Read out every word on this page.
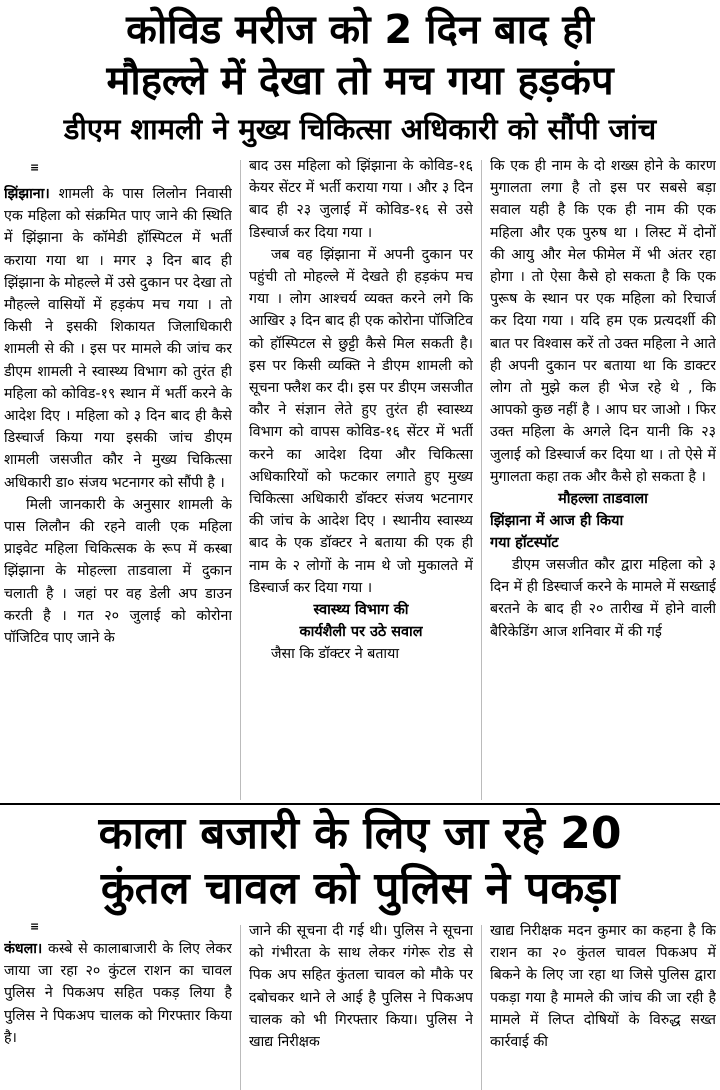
कोविड मरीज को 2 दिन बाद ही
मौहल्ले में देखा तो मच गया हड़कंप
डीएम शामली ने मुख्य चिकित्सा अधिकारी को सौंपी जांच
≡

झिंझाना। शामली के पास लिलोन निवासी एक महिला को संक्रमित पाए जाने की स्थिति में झिंझाना के कॉमेडी हॉस्पिटल में भर्ती कराया गया था । मगर ३ दिन बाद ही झिंझाना के मोहल्ले में उसे दुकान पर देखा तो मौहल्ले वासियों में हड़कंप मच गया । तो किसी ने इसकी शिकायत जिलाधिकारी शामली से की । इस पर मामले की जांच कर डीएम शामली ने स्वास्थ्य विभाग को तुरंत ही महिला को कोविड-१९ स्थान में भर्ती करने के आदेश दिए । महिला को ३ दिन बाद ही कैसे डिस्चार्ज किया गया इसकी जांच डीएम शामली जसजीत कौर ने मुख्य चिकित्सा अधिकारी डा० संजय भटनागर को सौंपी है ।

मिली जानकारी के अनुसार शामली के पास लिलौन की रहने वाली एक महिला प्राइवेट महिला चिकित्सक के रूप में कस्बा झिंझाना के मोहल्ला ताडवाला में दुकान चलाती है । जहां पर वह डेली अप डाउन करती है । गत २० जुलाई को कोरोना पॉजिटिव पाए जाने के

बाद उस महिला को झिंझाना के कोविड-१६ केयर सेंटर में भर्ती कराया गया । और ३ दिन बाद ही २३ जुलाई में कोविड-१६ से उसे डिस्चार्ज कर दिया गया ।

जब वह झिंझाना में अपनी दुकान पर पहुंची तो मोहल्ले में देखते ही हड़कंप मच गया । लोग आश्चर्य व्यक्त करने लगे कि आखिर ३ दिन बाद ही एक कोरोना पॉजिटिव को हॉस्पिटल से छुट्टी कैसे मिल सकती है। इस पर किसी व्यक्ति ने डीएम शामली को सूचना फ्लैश कर दी। इस पर डीएम जसजीत कौर ने संज्ञान लेते हुए तुरंत ही स्वास्थ्य विभाग को वापस कोविड-१६ सेंटर में भर्ती करने का आदेश दिया और चिकित्सा अधिकारियों को फटकार लगाते हुए मुख्य चिकित्सा अधिकारी डॉक्टर संजय भटनागर की जांच के आदेश दिए । स्थानीय स्वास्थ्य बाद के एक डॉक्टर ने बताया की एक ही नाम के २ लोगों के नाम थे जो मुकालते में डिस्चार्ज कर दिया गया ।

स्वास्थ्य विभाग की

कार्यशैली पर उठे सवाल

जैसा कि डॉक्टर ने बताया

कि एक ही नाम के दो शख्स होने के कारण मुगालता लगा है तो इस पर सबसे बड़ा सवाल यही है कि एक ही नाम की एक महिला और एक पुरुष था । लिस्ट में दोनों की आयु और मेल फीमेल में भी अंतर रहा होगा । तो ऐसा कैसे हो सकता है कि एक पुरूष के स्थान पर एक महिला को रिचार्ज कर दिया गया । यदि हम एक प्रत्यदर्शी की बात पर विश्वास करें तो उक्त महिला ने आते ही अपनी दुकान पर बताया था कि डाक्टर लोग तो मुझे कल ही भेज रहे थे , कि आपको कुछ नहीं है । आप घर जाओ । फिर उक्त महिला के अगले दिन यानी कि २३ जुलाई को डिस्चार्ज कर दिया था । तो ऐसे में मुगालता कहा तक और कैसे हो सकता है ।

मौहल्ला ताडवाला

झिंझाना में आज ही किया

गया हॉटस्पॉट

डीएम जसजीत कौर द्वारा महिला को ३ दिन में ही डिस्चार्ज करने के मामले में सख्ताई बरतने के बाद ही २० तारीख में होने वाली बैरिकेडिंग आज शनिवार में की गई

काला बजारी के लिए जा रहे 20
कुंतल चावल को पुलिस ने पकड़ा
≡

कंधला। कस्बे से कालाबाजारी के लिए लेकर जाया जा रहा २० कुंटल राशन का चावल पुलिस ने पिकअप सहित पकड़ लिया है पुलिस ने पिकअप चालक को गिरफ्तार किया है।

जाने की सूचना दी गई थी। पुलिस ने सूचना को गंभीरता के साथ लेकर गंगेरू रोड से पिक अप सहित कुंतला चावल को मौके पर दबोचकर थाने ले आई है पुलिस ने पिकअप चालक को भी गिरफ्तार किया। पुलिस ने खाद्य निरीक्षक

खाद्य निरीक्षक मदन कुमार का कहना है कि राशन का २० कुंतल चावल पिकअप में बिकने के लिए जा रहा था जिसे पुलिस द्वारा पकड़ा गया है मामले की जांच की जा रही है मामले में लिप्त दोषियों के विरुद्ध सख्त कार्रवाई की
